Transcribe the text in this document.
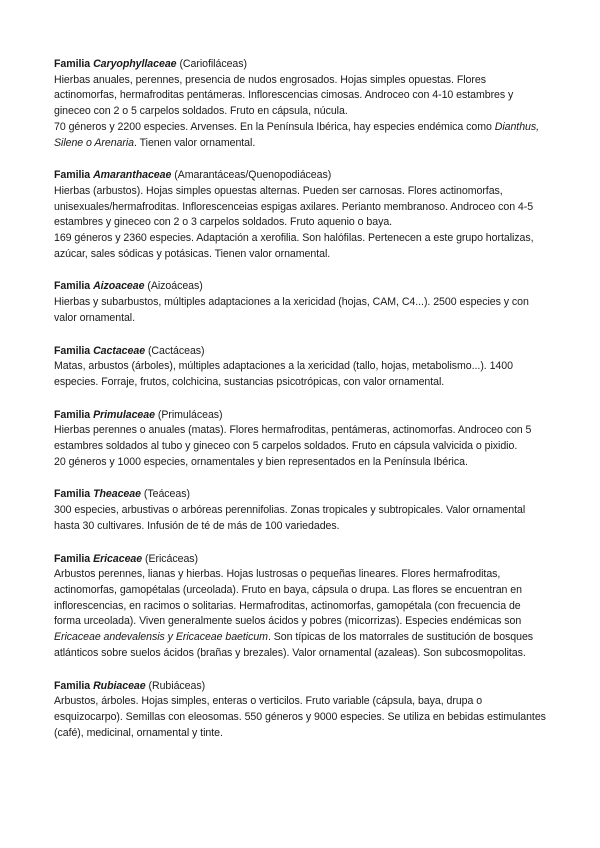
Familia Caryophyllaceae (Cariofiláceas)

Hierbas anuales, perennes, presencia de nudos engrosados. Hojas simples opuestas. Flores actinomorfas, hermafroditas pentámeras. Inflorescencias cimosas. Androceo con 4-10 estambres y gineceo con 2 o 5 carpelos soldados. Fruto en cápsula, núcula.

70 géneros y 2200 especies. Arvenses. En la Península Ibérica, hay especies endémica como Dianthus, Silene o Arenaria. Tienen valor ornamental.

Familia Amaranthaceae (Amarantáceas/Quenopodiáceas)

Hierbas (arbustos). Hojas simples opuestas alternas. Pueden ser carnosas. Flores actinomorfas, unisexuales/hermafroditas. Inflorescenceias espigas axilares. Perianto membranoso. Androceo con 4-5 estambres y gineceo con 2 o 3 carpelos soldados. Fruto aquenio o baya.

169 géneros y 2360 especies. Adaptación a xerofilia. Son halófilas. Pertenecen a este grupo hortalizas, azúcar, sales sódicas y potásicas. Tienen valor ornamental.

Familia Aizoaceae (Aizoáceas)

Hierbas y subarbustos, múltiples adaptaciones a la xericidad (hojas, CAM, C4...). 2500 especies y con valor ornamental.

Familia Cactaceae (Cactáceas)

Matas, arbustos (árboles), múltiples adaptaciones a la xericidad (tallo, hojas, metabolismo...). 1400 especies. Forraje, frutos, colchicina, sustancias psicotrópicas, con valor ornamental.

Familia Primulaceae (Primuláceas)

Hierbas perennes o anuales (matas). Flores hermafroditas, pentámeras, actinomorfas. Androceo con 5 estambres soldados al tubo y gineceo con 5 carpelos soldados. Fruto en cápsula valvicida o pixidio.

20 géneros y 1000 especies, ornamentales y bien representados en la Península Ibérica.

Familia Theaceae (Teáceas)

300 especies, arbustivas o arbóreas perennifolias. Zonas tropicales y subtropicales. Valor ornamental hasta 30 cultivares. Infusión de té de más de 100 variedades.

Familia Ericaceae (Ericáceas)

Arbustos perennes, lianas y hierbas. Hojas lustrosas o pequeñas lineares. Flores hermafroditas, actinomorfas, gamopétalas (urceolada). Fruto en baya, cápsula o drupa. Las flores se encuentran en inflorescencias, en racimos o solitarias. Hermafroditas, actinomorfas, gamopétala (con frecuencia de forma urceolada). Viven generalmente suelos ácidos y pobres (micorrizas). Especies endémicas son Ericaceae andevalensis y Ericaceae baeticum. Son típicas de los matorrales de sustitución de bosques atlánticos sobre suelos ácidos (brañas y brezales). Valor ornamental (azaleas). Son subcosmopolitas.

Familia Rubiaceae (Rubiáceas)

Arbustos, árboles. Hojas simples, enteras o verticilos. Fruto variable (cápsula, baya, drupa o esquizocarpo). Semillas con eleosomas. 550 géneros y 9000 especies. Se utiliza en bebidas estimulantes (café), medicinal, ornamental y tinte.
